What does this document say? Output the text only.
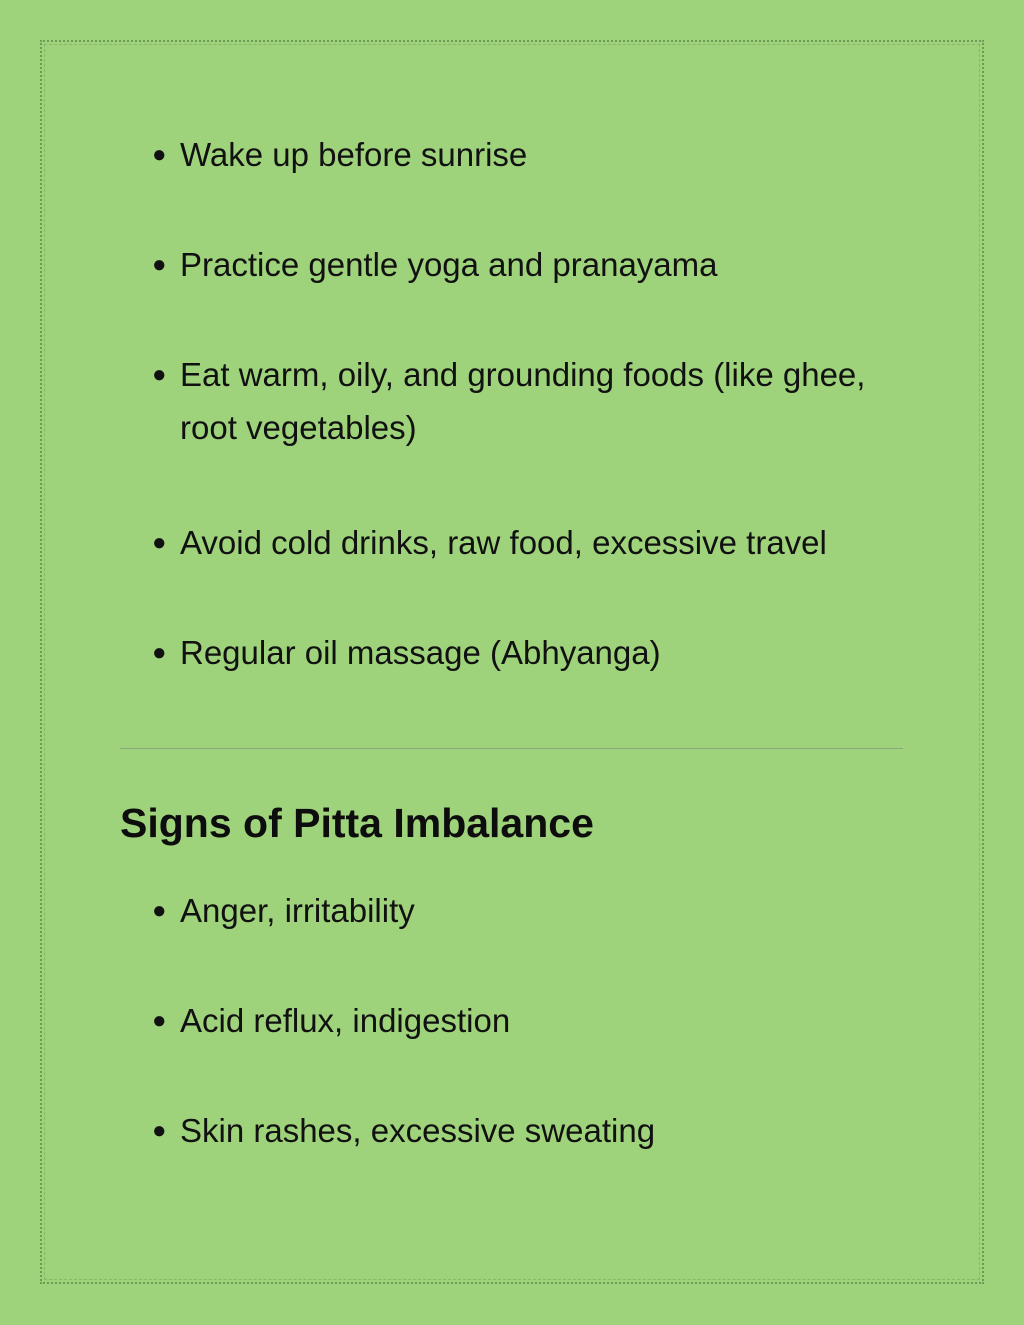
● Wake up before sunrise
● Practice gentle yoga and pranayama
● Eat warm, oily, and grounding foods (like ghee, root vegetables)
● Avoid cold drinks, raw food, excessive travel
● Regular oil massage (Abhyanga)
Signs of Pitta Imbalance
● Anger, irritability
● Acid reflux, indigestion
● Skin rashes, excessive sweating
